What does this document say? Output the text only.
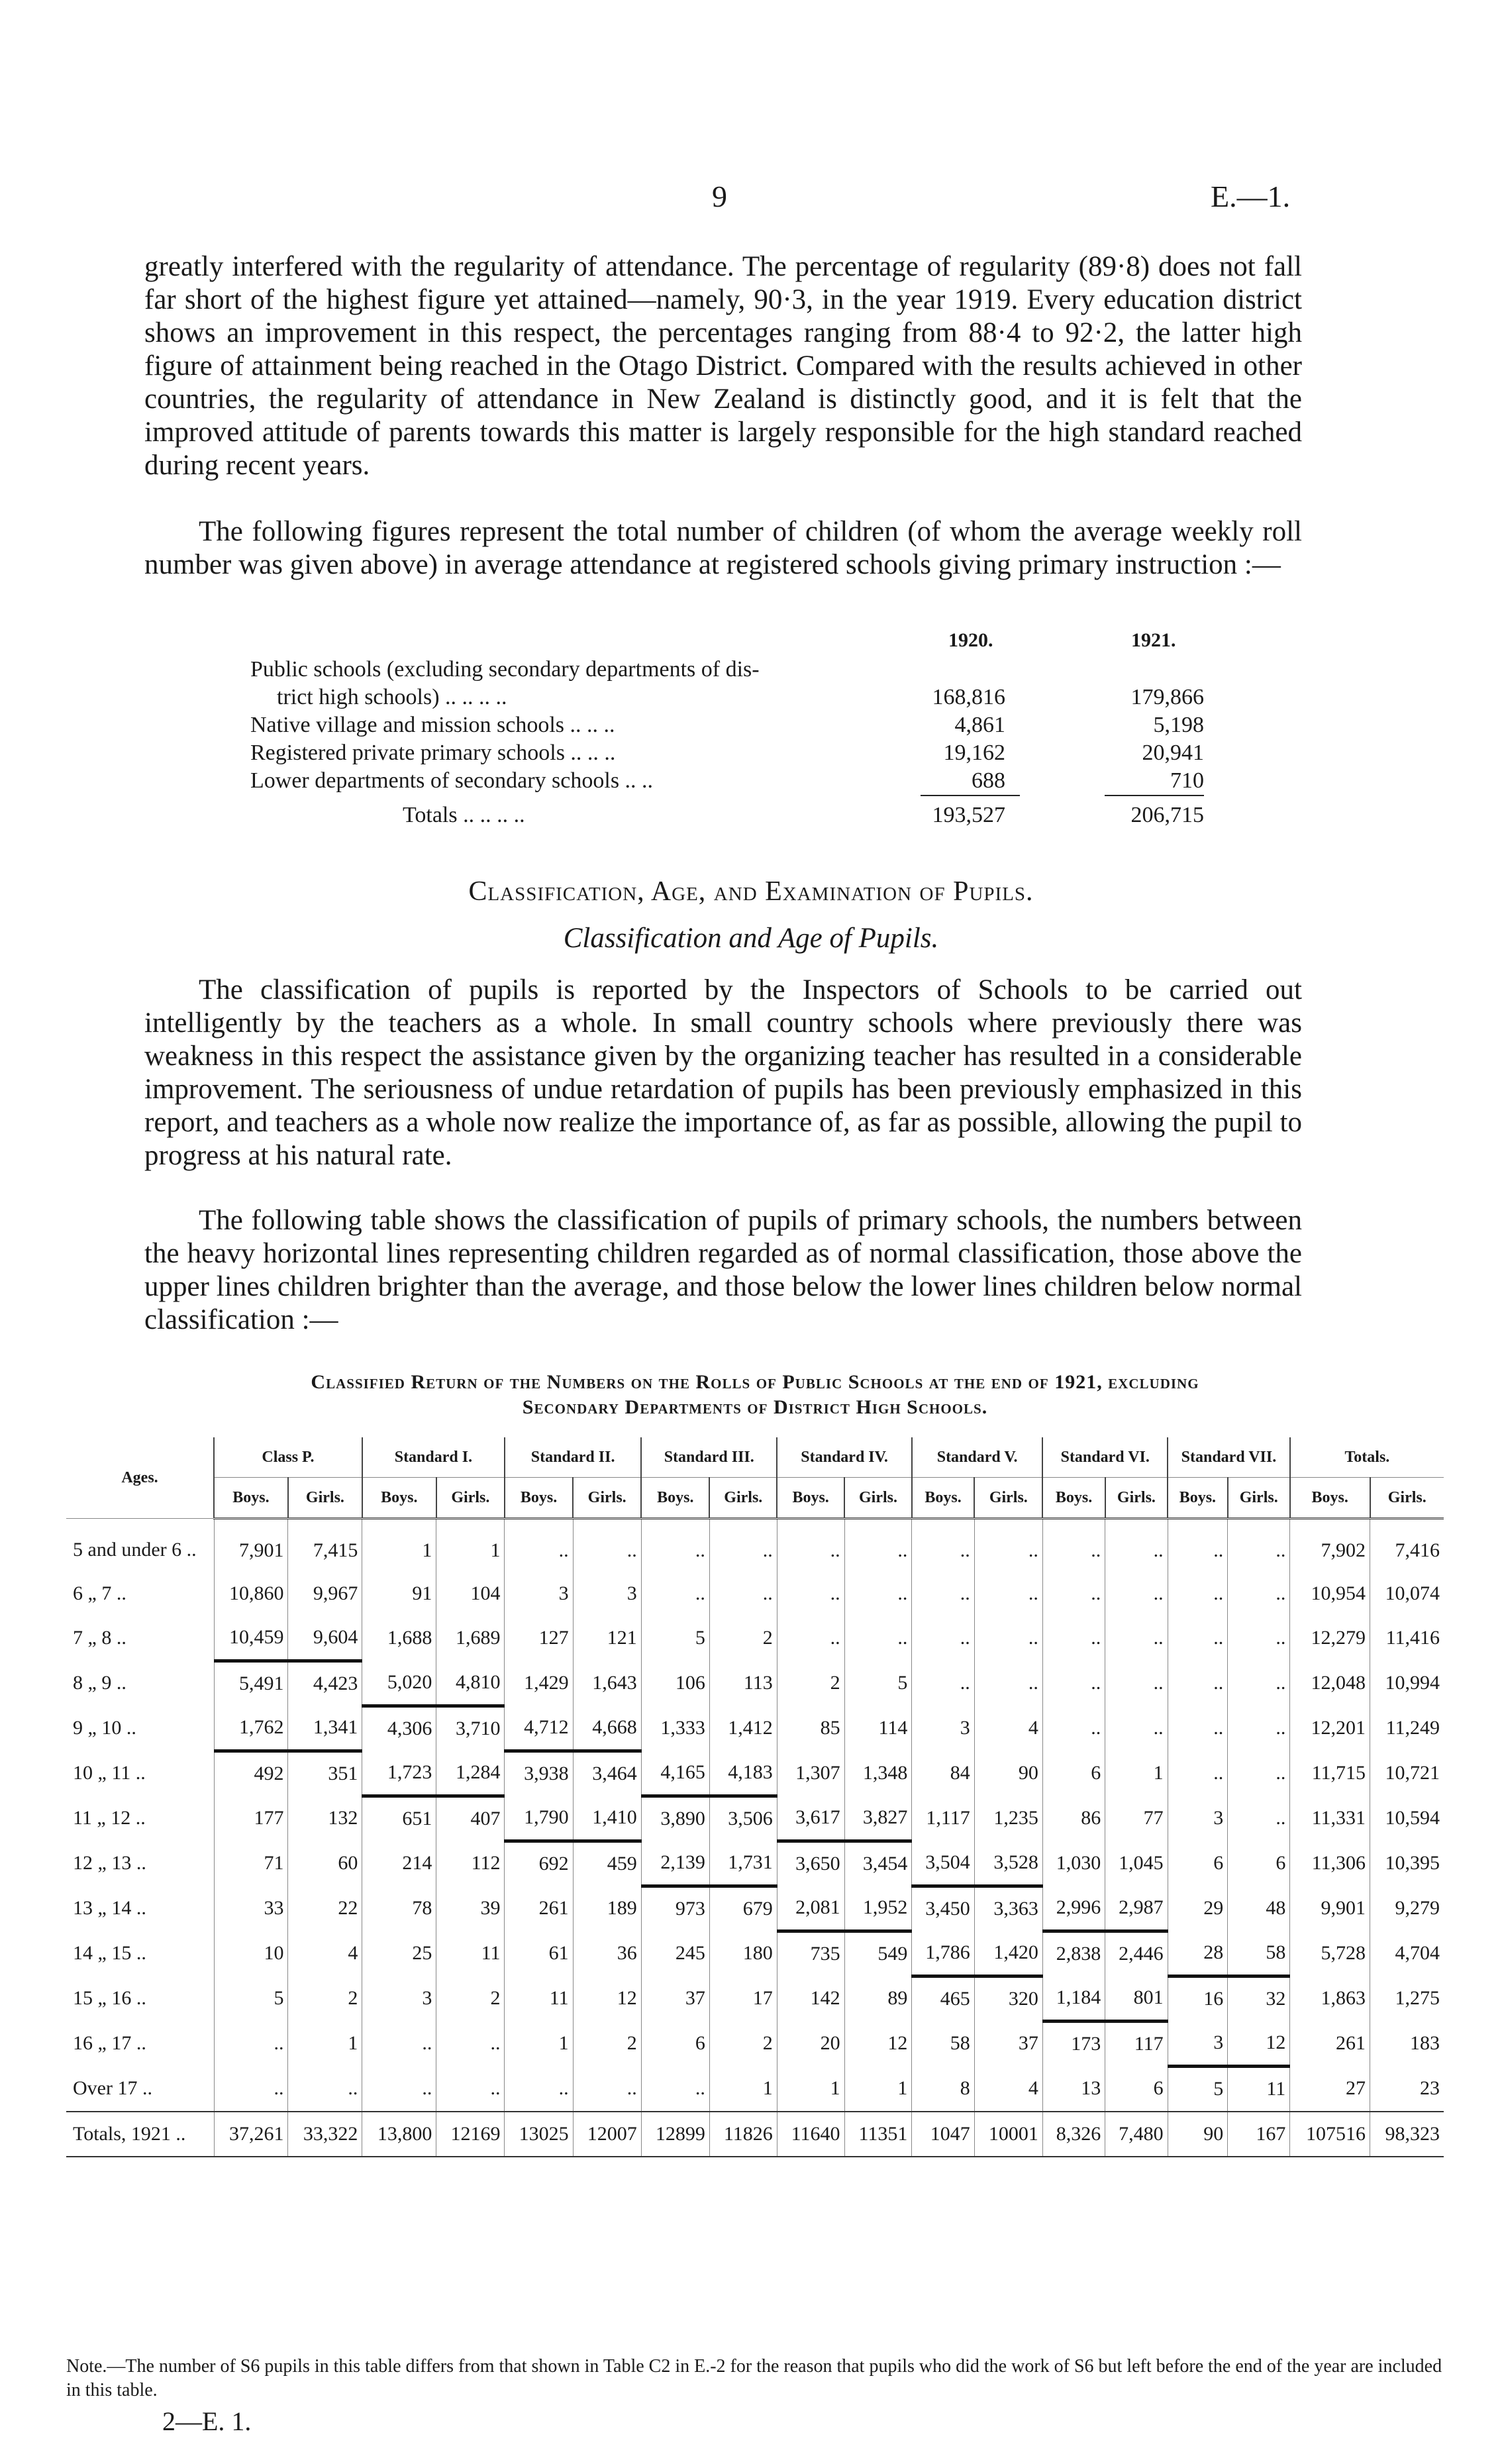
9	E.—1.

greatly interfered with the regularity of attendance. The percentage of regularity (89·8) does not fall far short of the highest figure yet attained—namely, 90·3, in the year 1919. Every education district shows an improvement in this respect, the percentages ranging from 88·4 to 92·2, the latter high figure of attainment being reached in the Otago District. Compared with the results achieved in other countries, the regularity of attendance in New Zealand is distinctly good, and it is felt that the improved attitude of parents towards this matter is largely responsible for the high standard reached during recent years.

The following figures represent the total number of children (of whom the average weekly roll number was given above) in average attendance at registered schools giving primary instruction :—

1920.	1921.
Public schools (excluding secondary departments of dis-
trict high schools) .. .. .. ..	168,816	179,866
Native village and mission schools .. .. ..	4,861	5,198
Registered private primary schools .. .. ..	19,162	20,941
Lower departments of secondary schools .. ..	688	710
Totals .. .. .. ..	193,527	206,715
Classification, Age, and Examination of Pupils.
Classification and Age of Pupils.

The classification of pupils is reported by the Inspectors of Schools to be carried out intelligently by the teachers as a whole. In small country schools where previously there was weakness in this respect the assistance given by the organizing teacher has resulted in a considerable improvement. The seriousness of undue retardation of pupils has been previously emphasized in this report, and teachers as a whole now realize the importance of, as far as possible, allowing the pupil to progress at his natural rate.

The following table shows the classification of pupils of primary schools, the numbers between the heavy horizontal lines representing children regarded as of normal classification, those above the upper lines children brighter than the average, and those below the lower lines children below normal classification :—

Classified Return of the Numbers on the Rolls of Public Schools at the end of 1921, excluding
Secondary Departments of District High Schools.
Ages.	Class P.		Standard I.		Standard II.		Standard III.		Standard IV.		Standard V.		Standard VI.		Standard VII.		Totals.	
	Boys.	Girls.	Boys.	Girls.	Boys.	Girls.	Boys.	Girls.	Boys.	Girls.	Boys.	Girls.	Boys.	Girls.	Boys.	Girls.	Boys.	Girls.
5 and under 6 ..	7,901	7,415	1	1	..	..	..	..	..	..	..	..	..	..	..	..	7,902	7,416
6 „ 7 ..	10,860	9,967	91	104	3	3	..	..	..	..	..	..	..	..	..	..	10,954	10,074
7 „ 8 ..	10,459	9,604	1,688	1,689	127	121	5	2	..	..	..	..	..	..	..	..	12,279	11,416
8 „ 9 ..	5,491	4,423	5,020	4,810	1,429	1,643	106	113	2	5	..	..	..	..	..	..	12,048	10,994
9 „ 10 ..	1,762	1,341	4,306	3,710	4,712	4,668	1,333	1,412	85	114	3	4	..	..	..	..	12,201	11,249
10 „ 11 ..	492	351	1,723	1,284	3,938	3,464	4,165	4,183	1,307	1,348	84	90	6	1	..	..	11,715	10,721
11 „ 12 ..	177	132	651	407	1,790	1,410	3,890	3,506	3,617	3,827	1,117	1,235	86	77	3	..	11,331	10,594
12 „ 13 ..	71	60	214	112	692	459	2,139	1,731	3,650	3,454	3,504	3,528	1,030	1,045	6	6	11,306	10,395
13 „ 14 ..	33	22	78	39	261	189	973	679	2,081	1,952	3,450	3,363	2,996	2,987	29	48	9,901	9,279
14 „ 15 ..	10	4	25	11	61	36	245	180	735	549	1,786	1,420	2,838	2,446	28	58	5,728	4,704
15 „ 16 ..	5	2	3	2	11	12	37	17	142	89	465	320	1,184	801	16	32	1,863	1,275
16 „ 17 ..	..	1	..	..	1	2	6	2	20	12	58	37	173	117	3	12	261	183
Over 17 ..	..	..	..	..	..	..	..	1	1	1	8	4	13	6	5	11	27	23
Totals, 1921 ..	37,261	33,322	13,800	12169	13025	12007	12899	11826	11640	11351	1047	10001	8,326	7,480	90	167	107516	98,323
Note.—The number of S6 pupils in this table differs from that shown in Table C2 in E.-2 for the reason that pupils who did the work of S6 but left before the end of the year are included in this table.
2—E. 1.
